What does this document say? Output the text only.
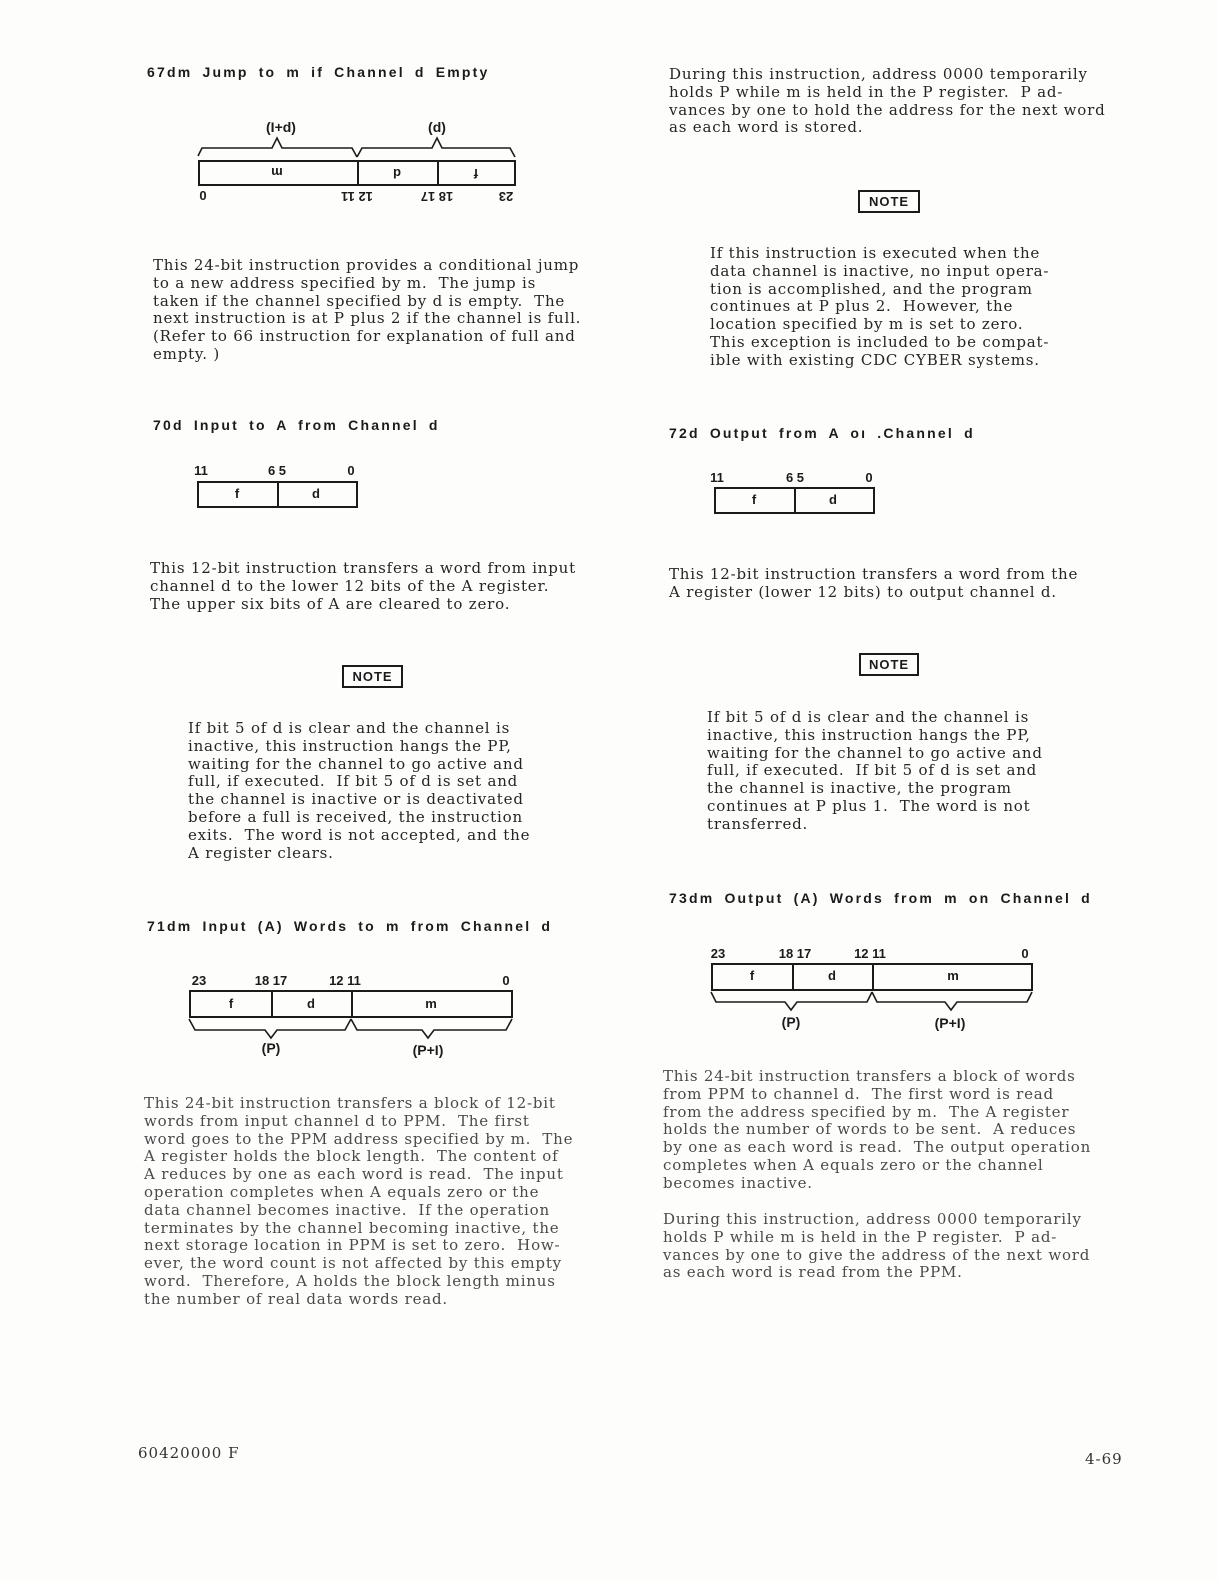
67dm Jump to m if Channel d Empty
(I+d)	(d)
m	d	f
0	12 11	18 17	23
This 24-bit instruction provides a conditional jump
to a new address specified by m.  The jump is
taken if the channel specified by d is empty.  The
next instruction is at P plus 2 if the channel is full.
(Refer to 66 instruction for explanation of full and
empty. )
70d Input to A from Channel d
11	6 5	0
f	d
This 12-bit instruction transfers a word from input
channel d to the lower 12 bits of the A register.
The upper six bits of A are cleared to zero.
NOTE
If bit 5 of d is clear and the channel is
inactive, this instruction hangs the PP,
waiting for the channel to go active and
full, if executed.  If bit 5 of d is set and
the channel is inactive or is deactivated
before a full is received, the instruction
exits.  The word is not accepted, and the
A register clears.
71dm Input (A) Words to m from Channel d
23	18 17	12 11	0
f	d	m
(P)	(P+I)
This 24-bit instruction transfers a block of 12-bit
words from input channel d to PPM.  The first
word goes to the PPM address specified by m.  The
A register holds the block length.  The content of
A reduces by one as each word is read.  The input
operation completes when A equals zero or the
data channel becomes inactive.  If the operation
terminates by the channel becoming inactive, the
next storage location in PPM is set to zero.  How-
ever, the word count is not affected by this empty
word.  Therefore, A holds the block length minus
the number of real data words read.
During this instruction, address 0000 temporarily
holds P while m is held in the P register.  P ad-
vances by one to hold the address for the next word
as each word is stored.
NOTE
If this instruction is executed when the
data channel is inactive, no input opera-
tion is accomplished, and the program
continues at P plus 2.  However, the
location specified by m is set to zero.
This exception is included to be compat-
ible with existing CDC CYBER systems.
72d Output from A oı .Channel d
11	6 5	0
f	d
This 12-bit instruction transfers a word from the
A register (lower 12 bits) to output channel d.
NOTE
If bit 5 of d is clear and the channel is
inactive, this instruction hangs the PP,
waiting for the channel to go active and
full, if executed.  If bit 5 of d is set and
the channel is inactive, the program
continues at P plus 1.  The word is not
transferred.
73dm Output (A) Words from m on Channel d
23	18 17	12 11	0
f	d	m
(P)	(P+I)
This 24-bit instruction transfers a block of words
from PPM to channel d.  The first word is read
from the address specified by m.  The A register
holds the number of words to be sent.  A reduces
by one as each word is read.  The output operation
completes when A equals zero or the channel
becomes inactive.
During this instruction, address 0000 temporarily
holds P while m is held in the P register.  P ad-
vances by one to give the address of the next word
as each word is read from the PPM.
60420000 F	4-69
